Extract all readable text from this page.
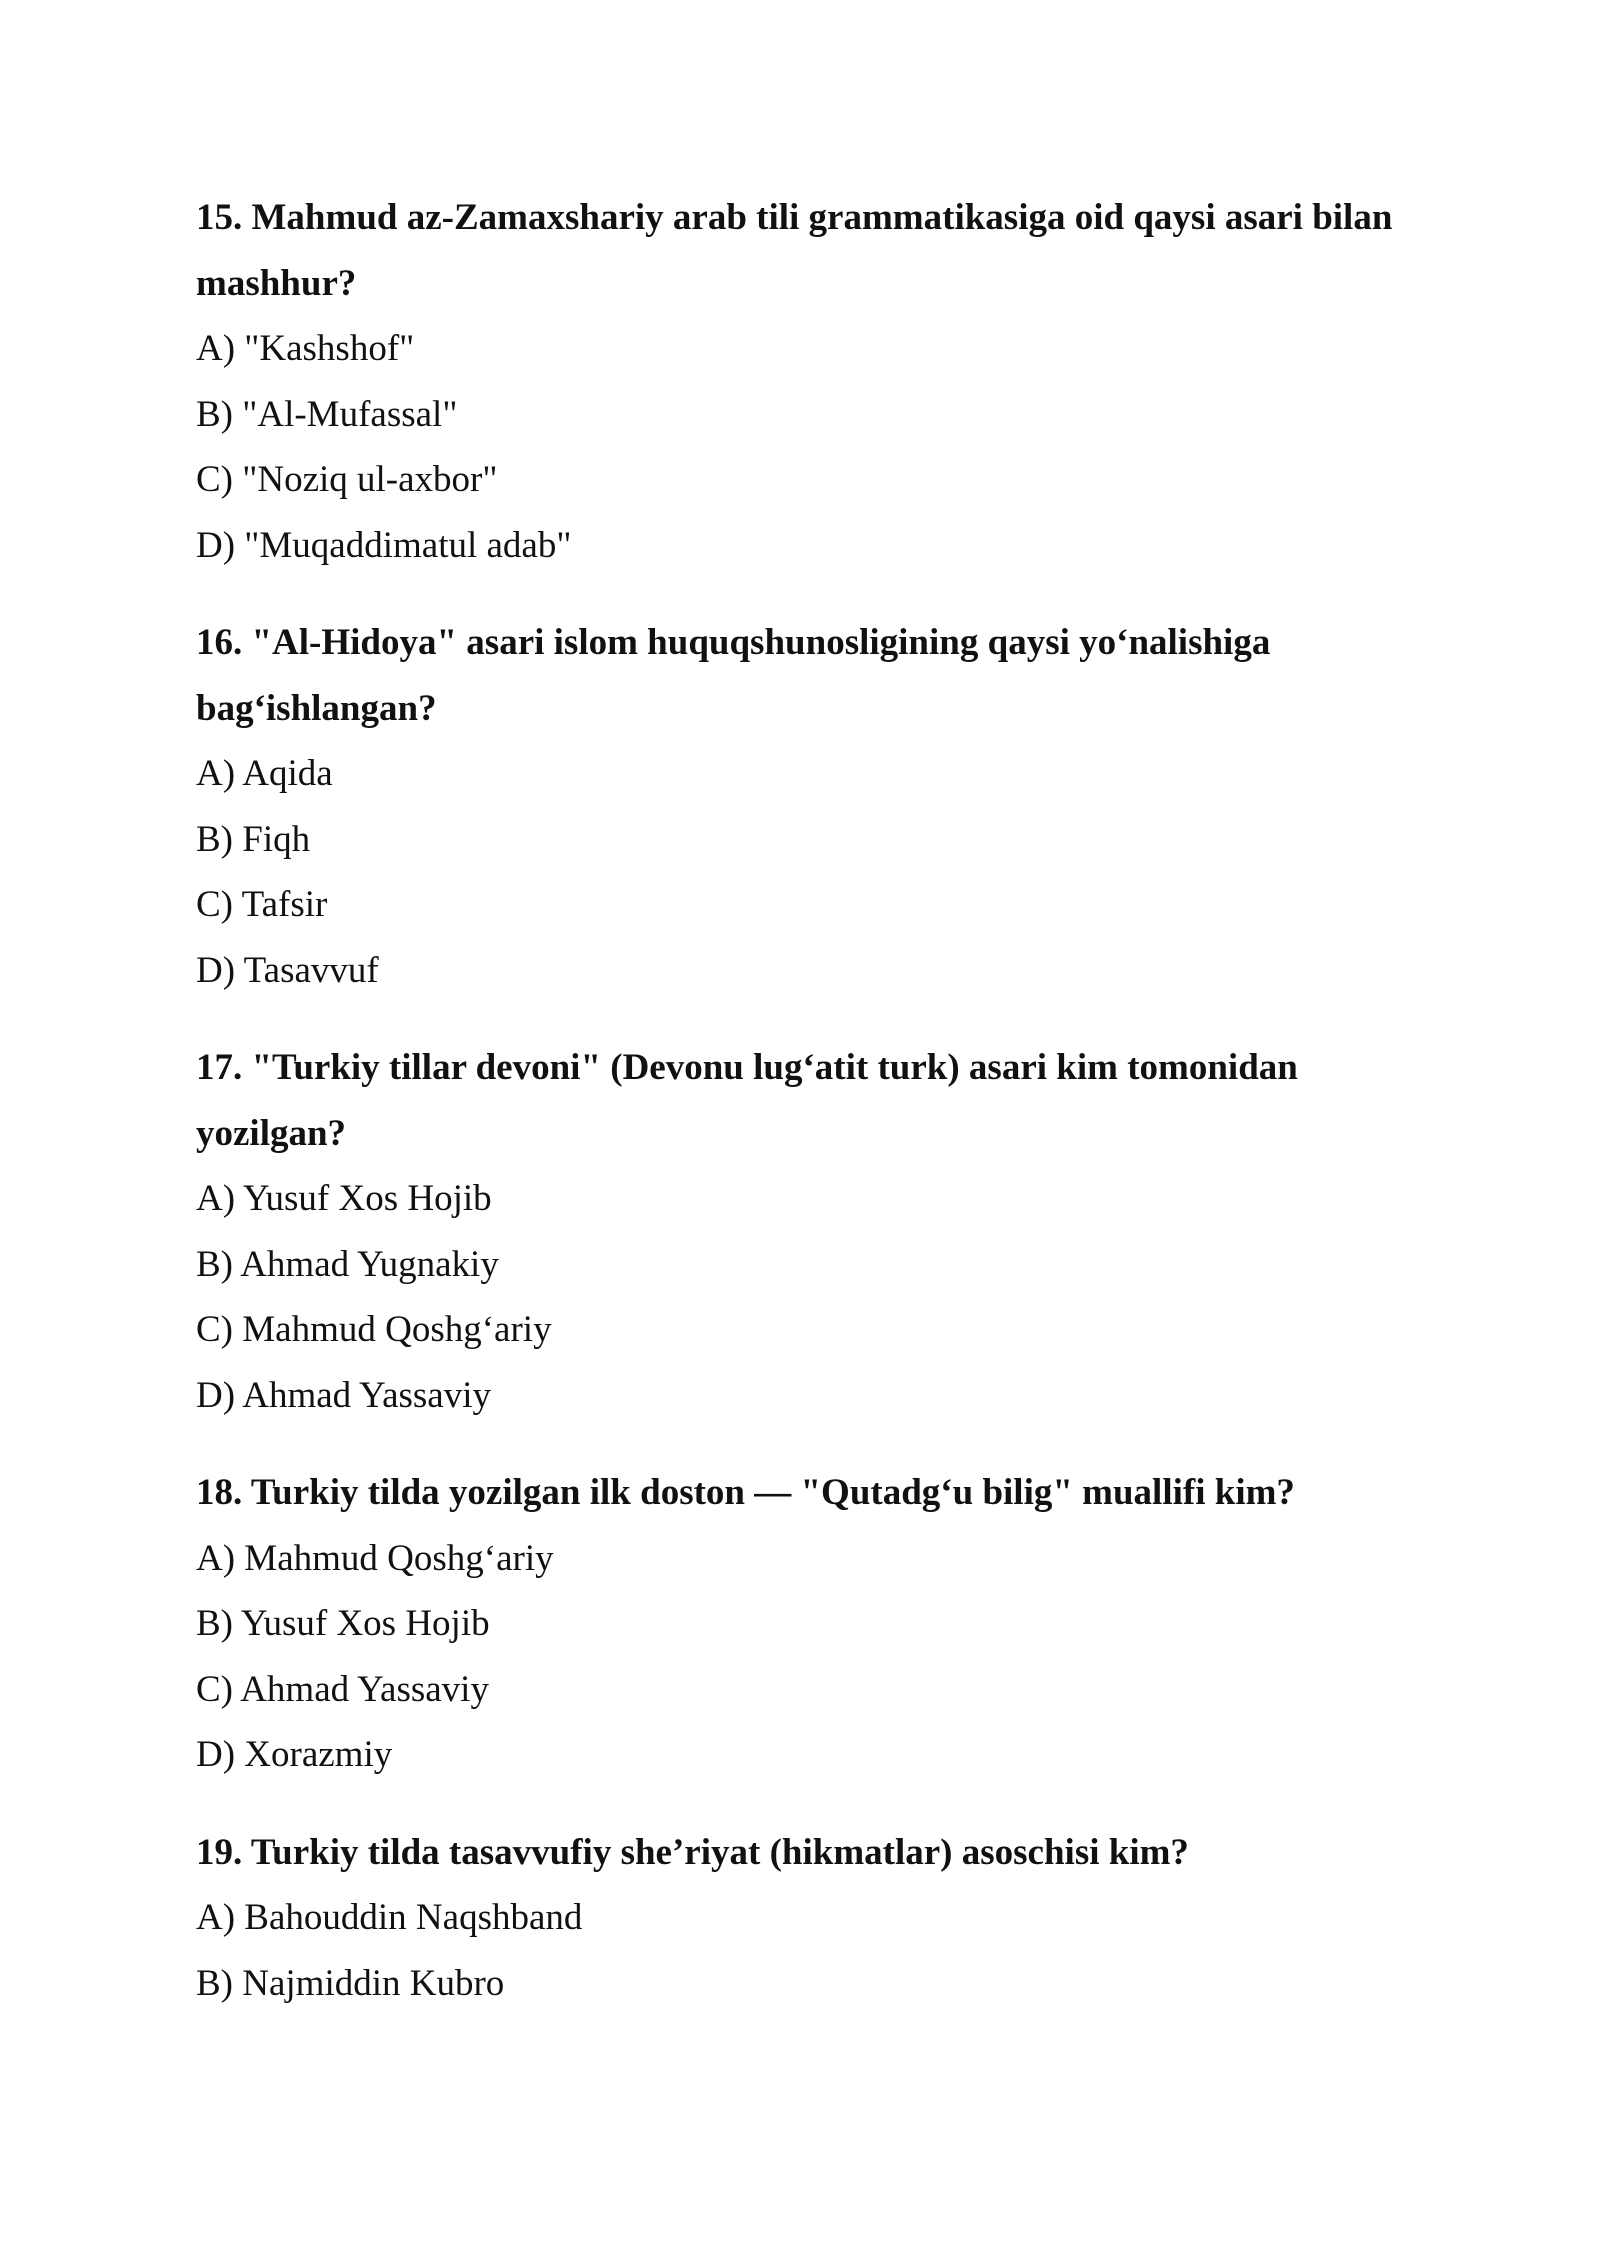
15. Mahmud az-Zamaxshariy arab tili grammatikasiga oid qaysi asari bilan mashhur?

A) "Kashshof"

B) "Al-Mufassal"

C) "Noziq ul-axbor"

D) "Muqaddimatul adab"

16. "Al-Hidoya" asari islom huquqshunosligining qaysi yo‘nalishiga bag‘ishlangan?

A) Aqida

B) Fiqh

C) Tafsir

D) Tasavvuf

17. "Turkiy tillar devoni" (Devonu lug‘atit turk) asari kim tomonidan yozilgan?

A) Yusuf Xos Hojib

B) Ahmad Yugnakiy

C) Mahmud Qoshg‘ariy

D) Ahmad Yassaviy

18. Turkiy tilda yozilgan ilk doston — "Qutadg‘u bilig" muallifi kim?

A) Mahmud Qoshg‘ariy

B) Yusuf Xos Hojib

C) Ahmad Yassaviy

D) Xorazmiy

19. Turkiy tilda tasavvufiy she’riyat (hikmatlar) asoschisi kim?

A) Bahouddin Naqshband

B) Najmiddin Kubro
